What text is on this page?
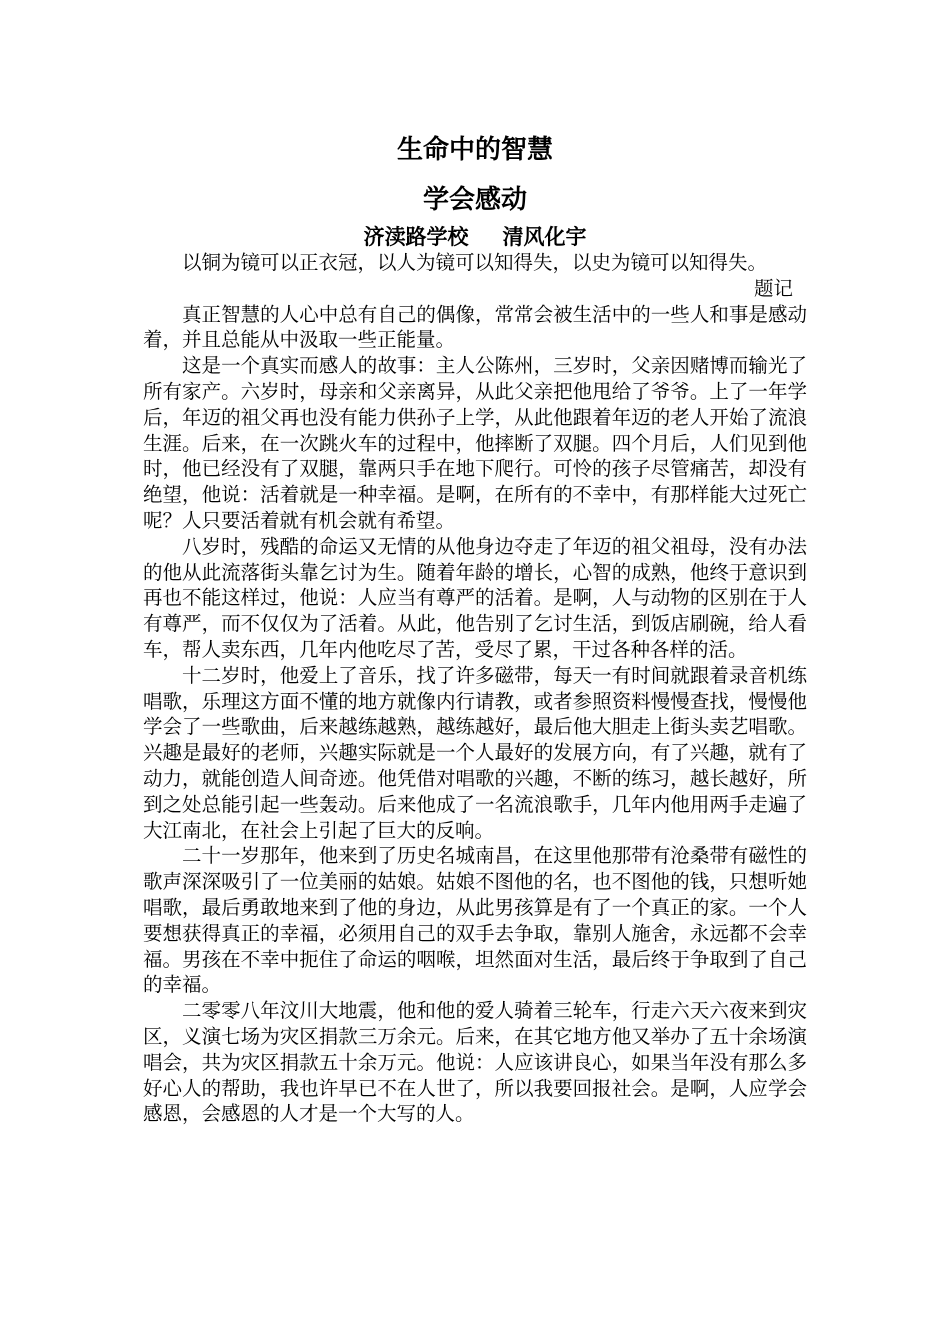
生命中的智慧
学会感动
济渎路学校 清风化宇

以铜为镜可以正衣冠，以人为镜可以知得失，以史为镜可以知得失。

题记

真正智慧的人心中总有自己的偶像，常常会被生活中的一些人和事是感动着，并且总能从中汲取一些正能量。

这是一个真实而感人的故事：主人公陈州，三岁时，父亲因赌博而输光了所有家产。六岁时，母亲和父亲离异，从此父亲把他甩给了爷爷。上了一年学后，年迈的祖父再也没有能力供孙子上学，从此他跟着年迈的老人开始了流浪生涯。后来，在一次跳火车的过程中，他摔断了双腿。四个月后，人们见到他时，他已经没有了双腿，靠两只手在地下爬行。可怜的孩子尽管痛苦，却没有绝望，他说：活着就是一种幸福。是啊，在所有的不幸中，有那样能大过死亡呢？人只要活着就有机会就有希望。

八岁时，残酷的命运又无情的从他身边夺走了年迈的祖父祖母，没有办法的他从此流落街头靠乞讨为生。随着年龄的增长，心智的成熟，他终于意识到再也不能这样过，他说：人应当有尊严的活着。是啊，人与动物的区别在于人有尊严，而不仅仅为了活着。从此，他告别了乞讨生活，到饭店刷碗，给人看车，帮人卖东西，几年内他吃尽了苦，受尽了累，干过各种各样的活。

十二岁时，他爱上了音乐，找了许多磁带，每天一有时间就跟着录音机练唱歌，乐理这方面不懂的地方就像内行请教，或者参照资料慢慢查找，慢慢他学会了一些歌曲，后来越练越熟，越练越好，最后他大胆走上街头卖艺唱歌。兴趣是最好的老师，兴趣实际就是一个人最好的发展方向，有了兴趣，就有了动力，就能创造人间奇迹。他凭借对唱歌的兴趣，不断的练习，越长越好，所到之处总能引起一些轰动。后来他成了一名流浪歌手，几年内他用两手走遍了大江南北，在社会上引起了巨大的反响。

二十一岁那年，他来到了历史名城南昌，在这里他那带有沧桑带有磁性的歌声深深吸引了一位美丽的姑娘。姑娘不图他的名，也不图他的钱，只想听她唱歌，最后勇敢地来到了他的身边，从此男孩算是有了一个真正的家。一个人要想获得真正的幸福，必须用自己的双手去争取，靠别人施舍，永远都不会幸福。男孩在不幸中扼住了命运的咽喉，坦然面对生活，最后终于争取到了自己的幸福。

二零零八年汶川大地震，他和他的爱人骑着三轮车，行走六天六夜来到灾区，义演七场为灾区捐款三万余元。后来，在其它地方他又举办了五十余场演唱会，共为灾区捐款五十余万元。他说：人应该讲良心，如果当年没有那么多好心人的帮助，我也许早已不在人世了，所以我要回报社会。是啊，人应学会感恩，会感恩的人才是一个大写的人。
